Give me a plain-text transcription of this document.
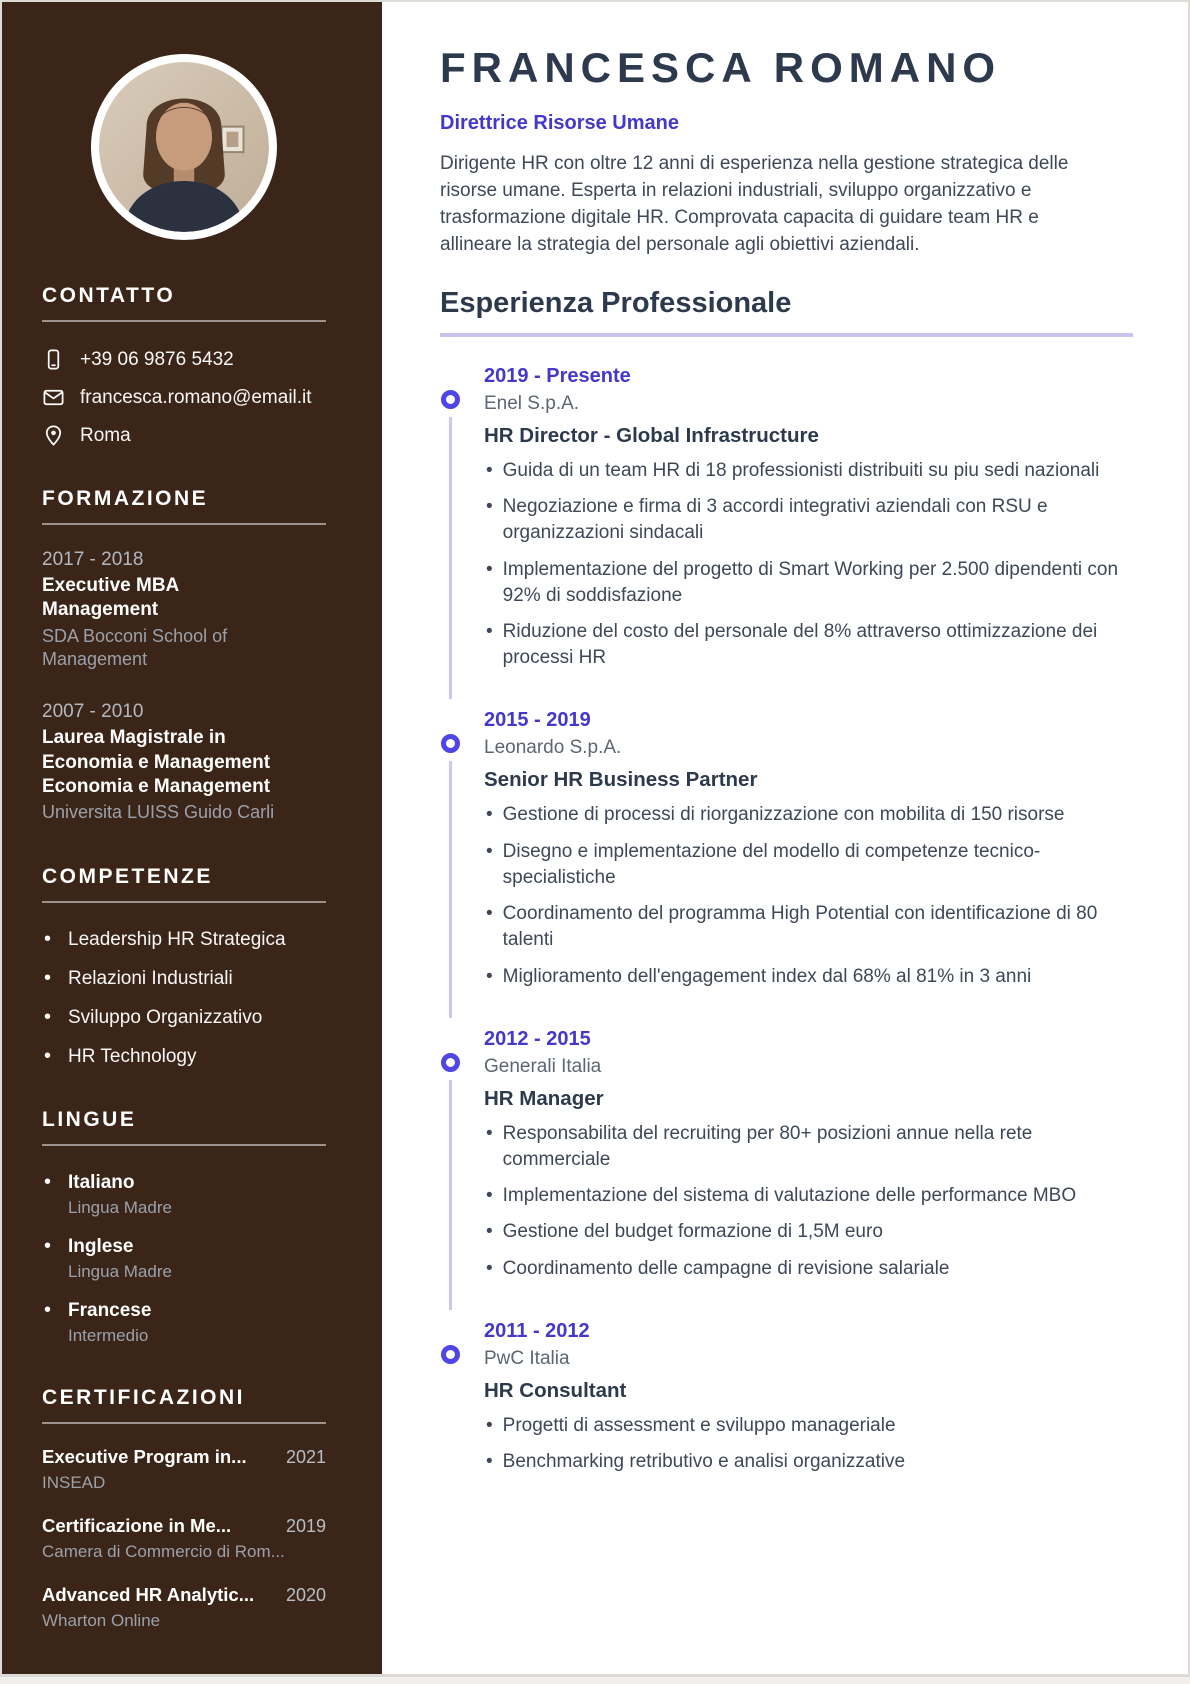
CONTATTO
+39 06 9876 5432
francesca.romano@email.it
Roma
FORMAZIONE
2017 - 2018
Executive MBA Management
SDA Bocconi School of Management
2007 - 2010
Laurea Magistrale in Economia e Management Economia e Management
Universita LUISS Guido Carli
COMPETENZE
• Leadership HR Strategica
• Relazioni Industriali
• Sviluppo Organizzativo
• HR Technology
LINGUE
• Italiano
Lingua Madre
• Inglese
Lingua Madre
• Francese
Intermedio
CERTIFICAZIONI
Executive Program in... 2021
INSEAD
Certificazione in Me...	2019
Camera di Commercio di Rom...
Advanced HR Analytic... 2020
Wharton Online
FRANCESCA ROMANO
Direttrice Risorse Umane

Dirigente HR con oltre 12 anni di esperienza nella gestione strategica delle risorse umane. Esperta in relazioni industriali, sviluppo organizzativo e trasformazione digitale HR. Comprovata capacita di guidare team HR e allineare la strategia del personale agli obiettivi aziendali.

Esperienza Professionale
2019 - Presente
Enel S.p.A.
HR Director - Global Infrastructure
• Guida di un team HR di 18 professionisti distribuiti su piu sedi nazionali
• Negoziazione e firma di 3 accordi integrativi aziendali con RSU e organizzazioni sindacali
• Implementazione del progetto di Smart Working per 2.500 dipendenti con 92% di soddisfazione
• Riduzione del costo del personale del 8% attraverso ottimizzazione dei processi HR
2015 - 2019
Leonardo S.p.A.
Senior HR Business Partner
• Gestione di processi di riorganizzazione con mobilita di 150 risorse
• Disegno e implementazione del modello di competenze tecnico-specialistiche
• Coordinamento del programma High Potential con identificazione di 80 talenti
• Miglioramento dell'engagement index dal 68% al 81% in 3 anni
2012 - 2015
Generali Italia
HR Manager
• Responsabilita del recruiting per 80+ posizioni annue nella rete commerciale
• Implementazione del sistema di valutazione delle performance MBO
• Gestione del budget formazione di 1,5M euro
• Coordinamento delle campagne di revisione salariale
2011 - 2012
PwC Italia
HR Consultant
• Progetti di assessment e sviluppo manageriale
• Benchmarking retributivo e analisi organizzative
